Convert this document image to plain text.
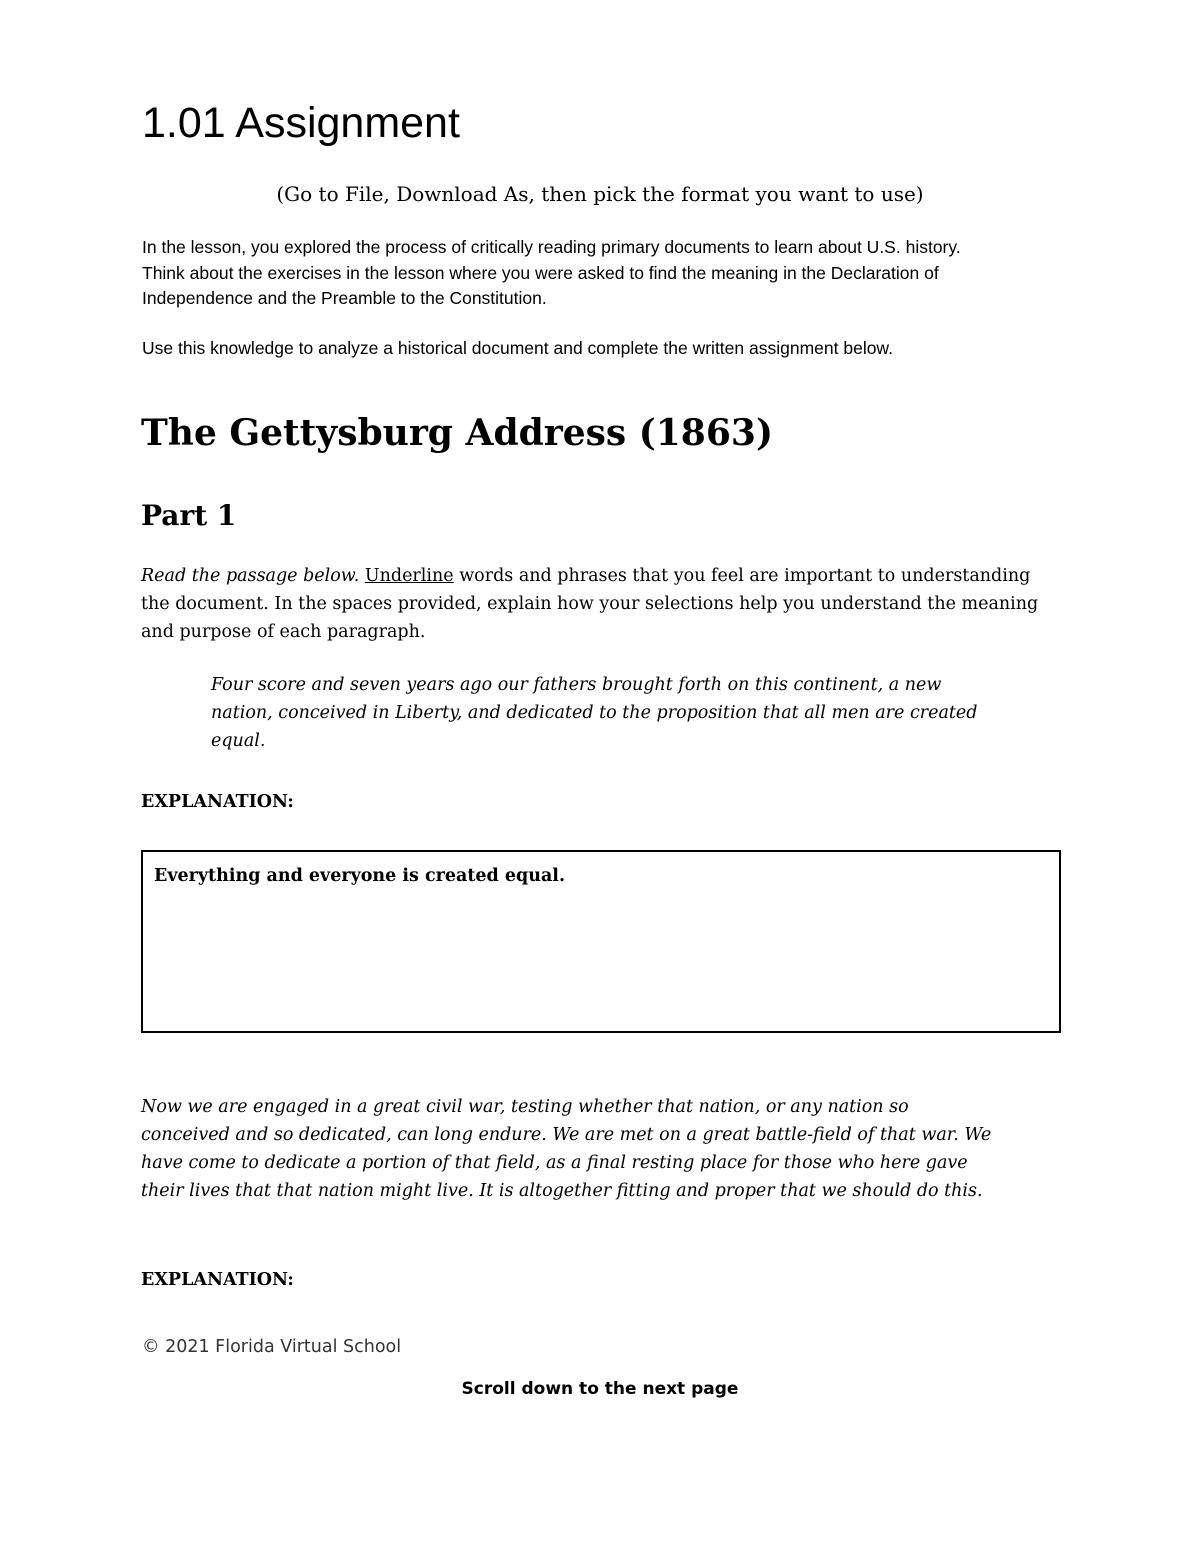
1.01 Assignment

(Go to File, Download As, then pick the format you want to use)

In the lesson, you explored the process of critically reading primary documents to learn about U.S. history. Think about the exercises in the lesson where you were asked to find the meaning in the Declaration of Independence and the Preamble to the Constitution.

Use this knowledge to analyze a historical document and complete the written assignment below.

The Gettysburg Address (1863)
Part 1

Read the passage below. Underline words and phrases that you feel are important to understanding the document. In the spaces provided, explain how your selections help you understand the meaning and purpose of each paragraph.

Four score and seven years ago our fathers brought forth on this continent, a new nation, conceived in Liberty, and dedicated to the proposition that all men are created equal.

EXPLANATION:

Everything and everyone is created equal.

Now we are engaged in a great civil war, testing whether that nation, or any nation so conceived and so dedicated, can long endure. We are met on a great battle-field of that war. We have come to dedicate a portion of that field, as a final resting place for those who here gave their lives that that nation might live. It is altogether fitting and proper that we should do this.

EXPLANATION:

© 2021 Florida Virtual School

Scroll down to the next page
